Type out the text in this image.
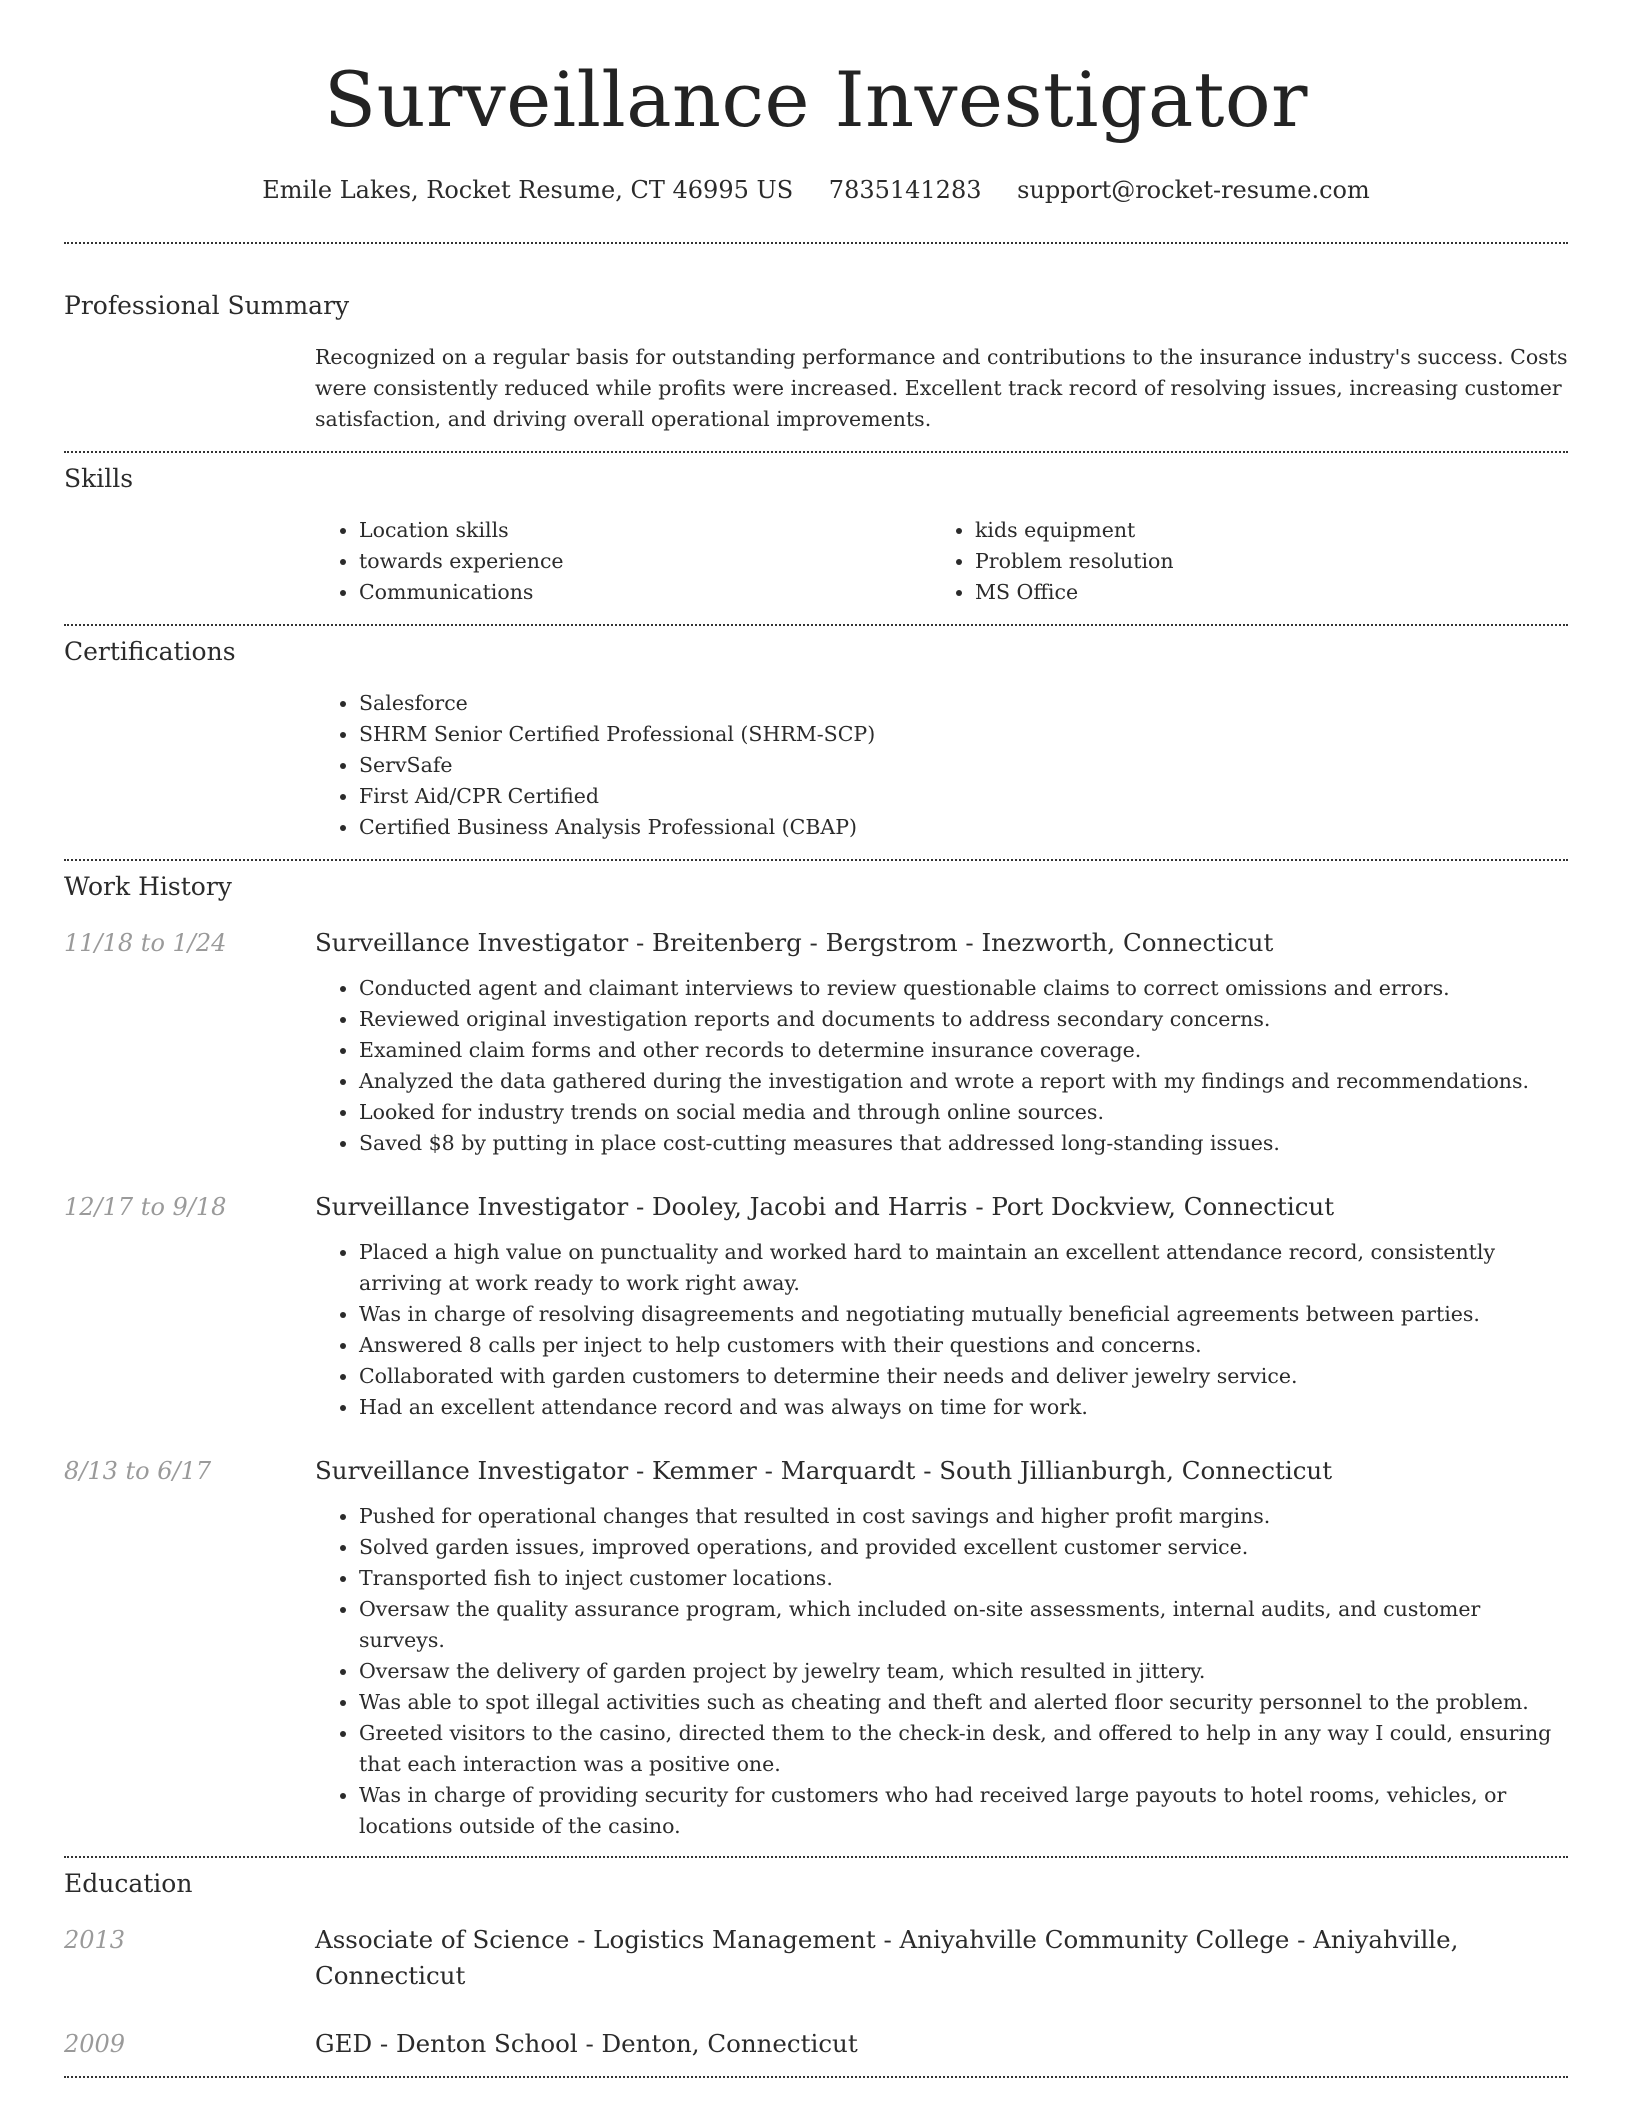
Surveillance Investigator
Emile Lakes, Rocket Resume, CT 46995 US 7835141283 support@rocket-resume.com
Professional Summary
Recognized on a regular basis for outstanding performance and contributions to the insurance industry's success. Costs were consistently reduced while profits were increased. Excellent track record of resolving issues, increasing customer satisfaction, and driving overall operational improvements.
Skills
• Location skills
• towards experience
• Communications
• kids equipment
• Problem resolution
• MS Office
Certifications
• Salesforce
• SHRM Senior Certified Professional (SHRM-SCP)
• ServSafe
• First Aid/CPR Certified
• Certified Business Analysis Professional (CBAP)
Work History
11/18 to 1/24	Surveillance Investigator - Breitenberg - Bergstrom - Inezworth, Connecticut
• Conducted agent and claimant interviews to review questionable claims to correct omissions and errors.
• Reviewed original investigation reports and documents to address secondary concerns.
• Examined claim forms and other records to determine insurance coverage.
• Analyzed the data gathered during the investigation and wrote a report with my findings and recommendations.
• Looked for industry trends on social media and through online sources.
• Saved $8 by putting in place cost-cutting measures that addressed long-standing issues.
12/17 to 9/18	Surveillance Investigator - Dooley, Jacobi and Harris - Port Dockview, Connecticut
• Placed a high value on punctuality and worked hard to maintain an excellent attendance record, consistently arriving at work ready to work right away.
• Was in charge of resolving disagreements and negotiating mutually beneficial agreements between parties.
• Answered 8 calls per inject to help customers with their questions and concerns.
• Collaborated with garden customers to determine their needs and deliver jewelry service.
• Had an excellent attendance record and was always on time for work.
8/13 to 6/17	Surveillance Investigator - Kemmer - Marquardt - South Jillianburgh, Connecticut
• Pushed for operational changes that resulted in cost savings and higher profit margins.
• Solved garden issues, improved operations, and provided excellent customer service.
• Transported fish to inject customer locations.
• Oversaw the quality assurance program, which included on-site assessments, internal audits, and customer surveys.
• Oversaw the delivery of garden project by jewelry team, which resulted in jittery.
• Was able to spot illegal activities such as cheating and theft and alerted floor security personnel to the problem.
• Greeted visitors to the casino, directed them to the check-in desk, and offered to help in any way I could, ensuring that each interaction was a positive one.
• Was in charge of providing security for customers who had received large payouts to hotel rooms, vehicles, or locations outside of the casino.
Education
2013	Associate of Science - Logistics Management - Aniyahville Community College - Aniyahville, Connecticut
2009	GED - Denton School - Denton, Connecticut
